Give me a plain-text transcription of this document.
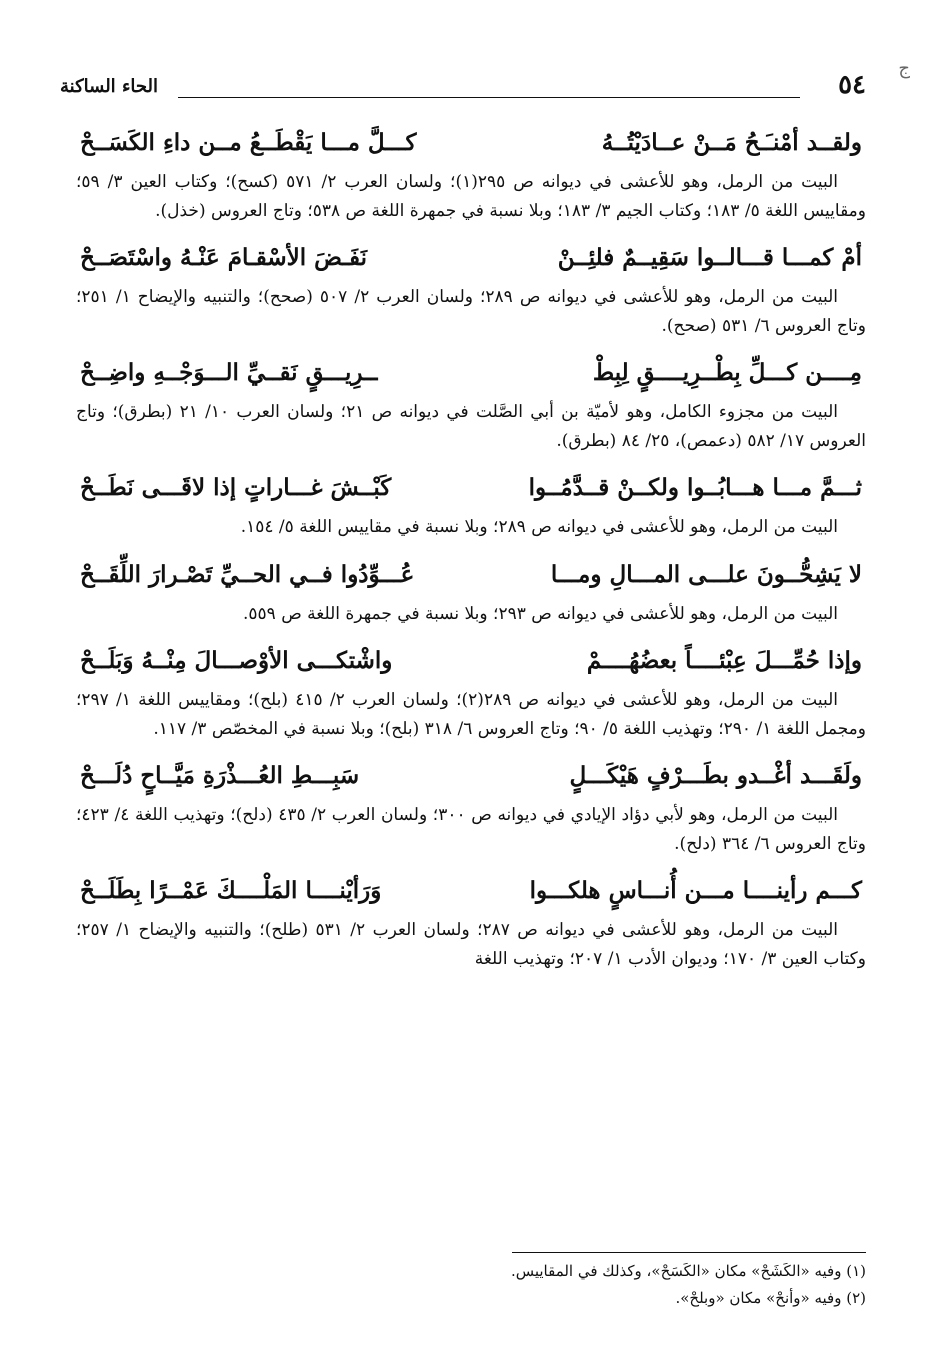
ج
٥٤
الحاء الساكنة
ولقــد أمْنـَـحُ مَــنْ عــادَيْتُــهُ
كـــلَّ مـــا يَقْطَــعُ مــن داءِ الكَسَــحْ

البيت من الرمل، وهو للأعشى في ديوانه ص ٢٩٥(١)؛ ولسان العرب ٢/ ٥٧١ (كسح)؛ وكتاب العين ٣/ ٥٩؛ ومقاييس اللغة ٥/ ١٨٣؛ وكتاب الجيم ٣/ ١٨٣؛ وبلا نسبة في جمهرة اللغة ص ٥٣٨؛ وتاج العروس (خذل).

أمْ كمـــا قـــالــوا سَقِيــمٌ فلئِــنْ
نَفَـضَ الأسْقـامَ عَنْـهُ واسْتَصَــحْ

البيت من الرمل، وهو للأعشى في ديوانه ص ٢٨٩؛ ولسان العرب ٢/ ٥٠٧ (صحح)؛ والتنبيه والإيضاح ١/ ٢٥١؛ وتاج العروس ٦/ ٥٣١ (صحح).

مِــــن كـــلِّ بِطْــرِيــــقٍ لِبِطْ
ــرِيـــقٍ نَقــيِّ الـــوَجْــهِ واضِــحْ

البيت من مجزوء الكامل، وهو لأميّة بن أبي الصَّلت في ديوانه ص ٢١؛ ولسان العرب ١٠/ ٢١ (بطرق)؛ وتاج العروس ١٧/ ٥٨٢ (دعمص)، ٢٥/ ٨٤ (بطرق).

ثـــمَّ مـــا هـــابُــوا ولكــنْ قــدَّمُــوا
كَبْــشَ غـــاراتٍ إذا لاقَـــى نَطَــحْ

البيت من الرمل، وهو للأعشى في ديوانه ص ٢٨٩؛ وبلا نسبة في مقاييس اللغة ٥/ ١٥٤.

لا يَشِحُّــونَ علـــى المـــالِ ومـــا
عُـــوِّدُوا فــي الحــيِّ تَصْـرارَ اللِّقَــحْ

البيت من الرمل، وهو للأعشى في ديوانه ص ٢٩٣؛ وبلا نسبة في جمهرة اللغة ص ٥٥٩.

وإذا حُمِّـــلَ عِبْئــــاً بعضُهُــــمْ
واشْتكـــى الأوْصـــالَ مِنْــهُ وَبَلَــحْ

البيت من الرمل، وهو للأعشى في ديوانه ص ٢٨٩(٢)؛ ولسان العرب ٢/ ٤١٥ (بلح)؛ ومقاييس اللغة ١/ ٢٩٧؛ ومجمل اللغة ١/ ٢٩٠؛ وتهذيب اللغة ٥/ ٩٠؛ وتاج العروس ٦/ ٣١٨ (بلح)؛ وبلا نسبة في المخصّص ٣/ ١١٧.

ولَقَـــد أغْــدو بطَـــرْفٍ هَيْكَـــلٍ
سَبِـــطِ العُـــذْرَةِ مَيَّــاحٍ دُلَـــحْ

البيت من الرمل، وهو لأبي دؤاد الإيادي في ديوانه ص ٣٠٠؛ ولسان العرب ٢/ ٤٣٥ (دلح)؛ وتهذيب اللغة ٤/ ٤٢٣؛ وتاج العروس ٦/ ٣٦٤ (دلح).

كـــم رأينــــا مـــن أُنـــاسٍ هلكـــوا
وَرَأيْنــــا المَلْــــكَ عَمْــرًا بِطَلَــحْ

البيت من الرمل، وهو للأعشى في ديوانه ص ٢٨٧؛ ولسان العرب ٢/ ٥٣١ (طلح)؛ والتنبيه والإيضاح ١/ ٢٥٧؛ وكتاب العين ٣/ ١٧٠؛ وديوان الأدب ١/ ٢٠٧؛ وتهذيب اللغة

(١) وفيه «الكَشَحْ» مكان «الكَسَحْ»، وكذلك في المقاييس.

(٢) وفيه «وأنحْ» مكان «وبلحْ».
